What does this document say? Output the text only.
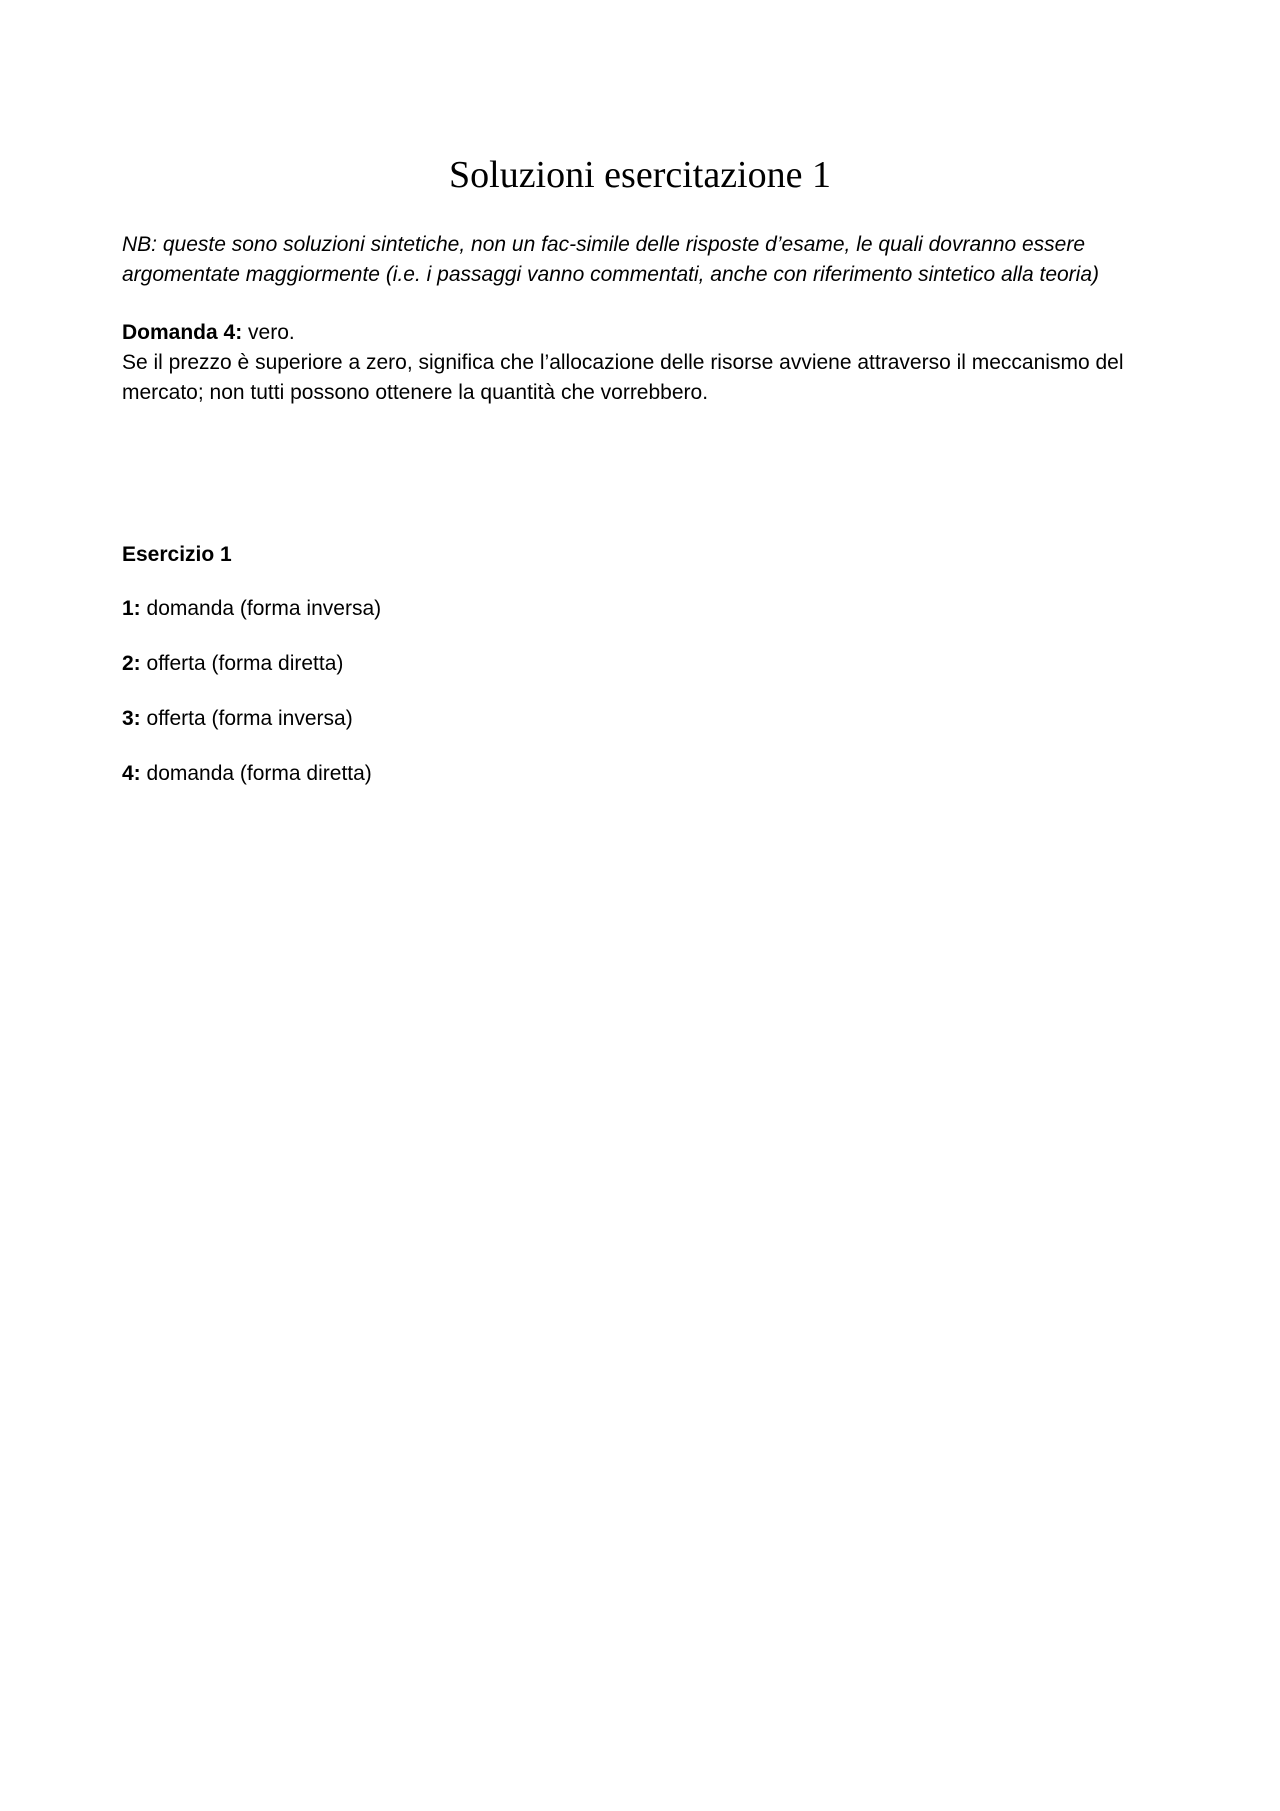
Soluzioni esercitazione 1

NB: queste sono soluzioni sintetiche, non un fac-simile delle risposte d’esame, le quali dovranno essere
argomentate maggiormente (i.e. i passaggi vanno commentati, anche con riferimento sintetico alla teoria)

Domanda 4: vero.

Se il prezzo è superiore a zero, significa che l’allocazione delle risorse avviene attraverso il meccanismo del

mercato; non tutti possono ottenere la quantità che vorrebbero.

Esercizio 1

1: domanda (forma inversa)

2: offerta (forma diretta)

3: offerta (forma inversa)

4: domanda (forma diretta)
